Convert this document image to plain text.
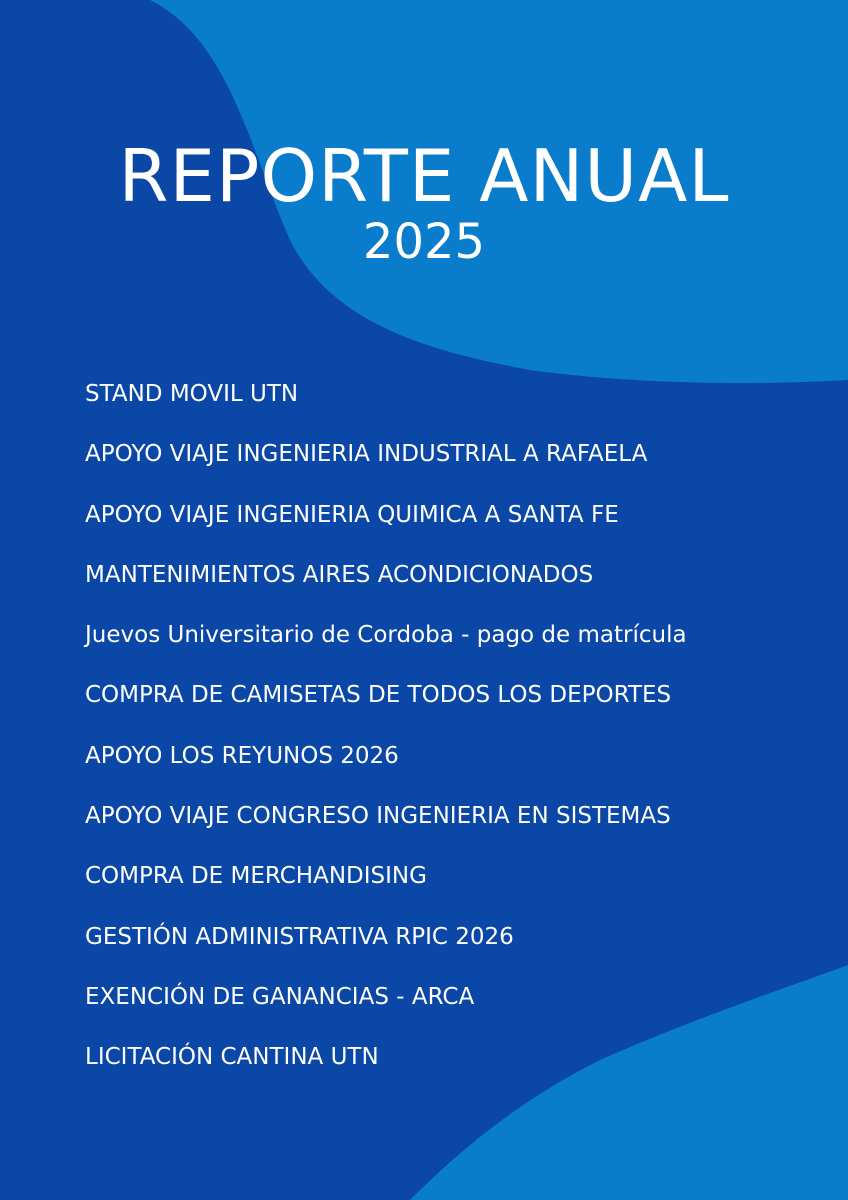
REPORTE ANUAL
2025
STAND MOVIL UTN
APOYO VIAJE INGENIERIA INDUSTRIAL A RAFAELA
APOYO VIAJE INGENIERIA QUIMICA A SANTA FE
MANTENIMIENTOS AIRES ACONDICIONADOS
Juevos Universitario de Cordoba - pago de matrícula
COMPRA DE CAMISETAS DE TODOS LOS DEPORTES
APOYO LOS REYUNOS 2026
APOYO VIAJE CONGRESO INGENIERIA EN SISTEMAS
COMPRA DE MERCHANDISING
GESTIÓN ADMINISTRATIVA RPIC 2026
EXENCIÓN DE GANANCIAS - ARCA
LICITACIÓN CANTINA UTN
